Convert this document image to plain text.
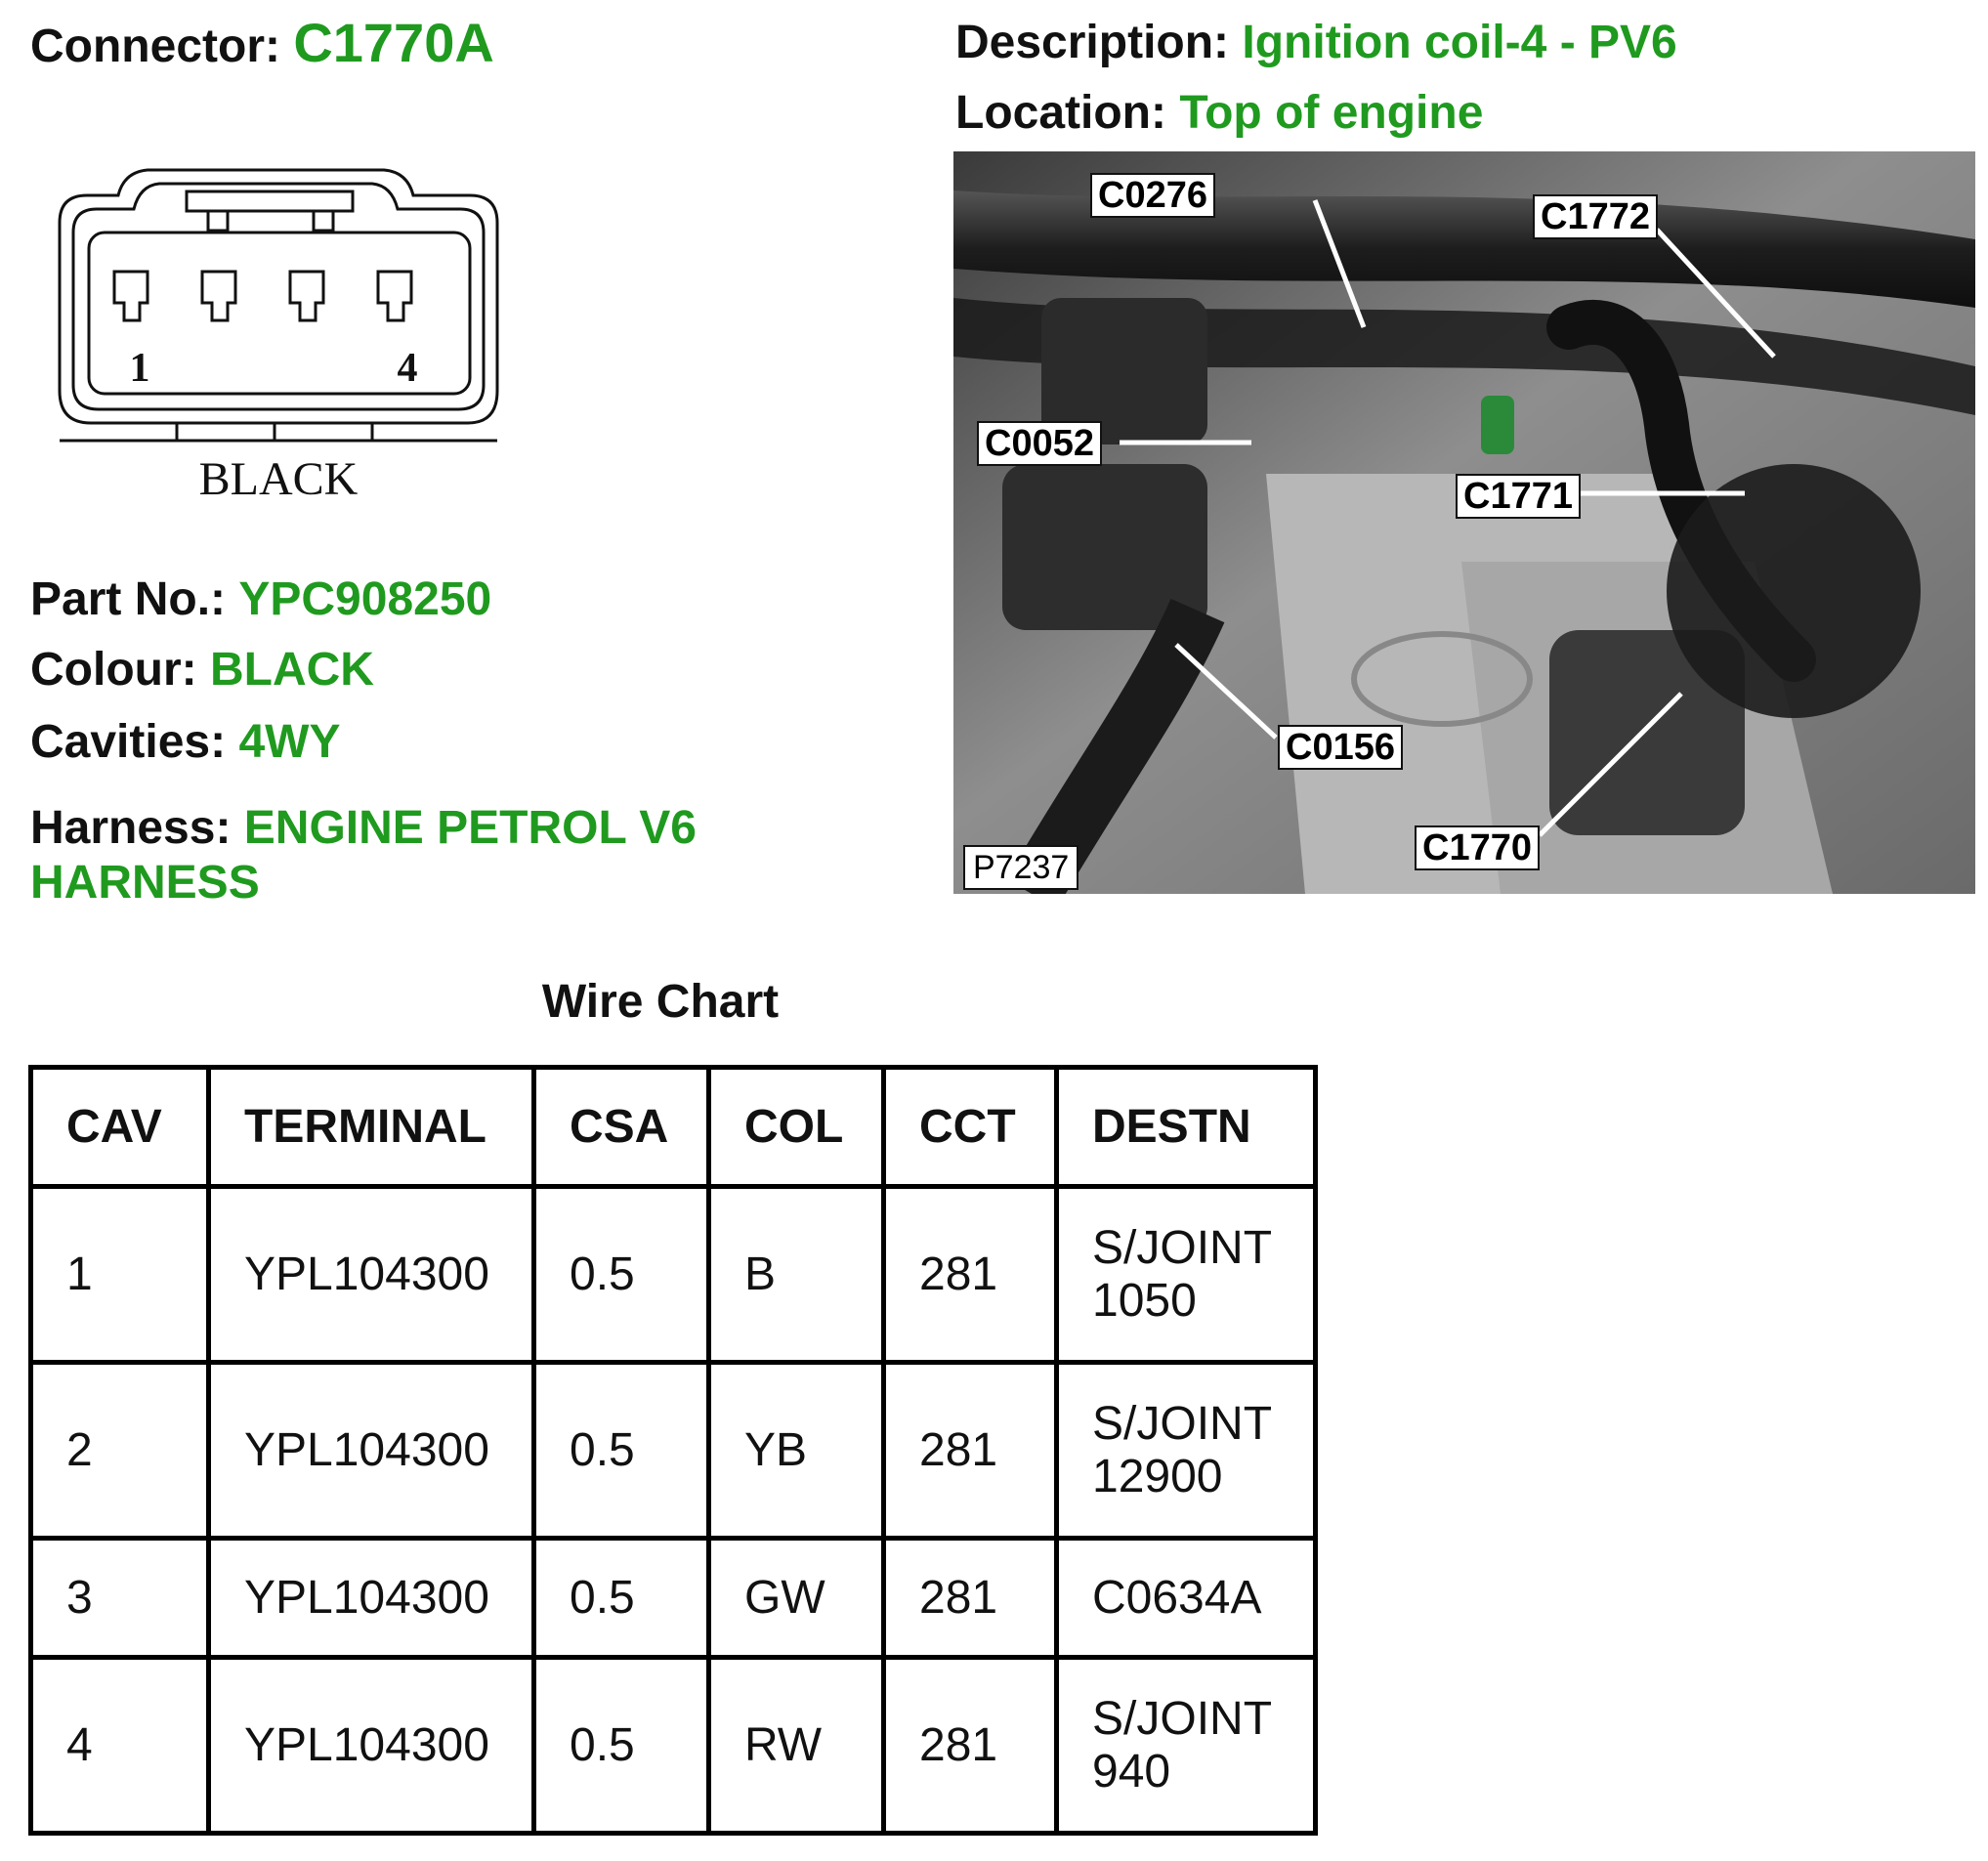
Connector: C1770A	Description: Ignition coil-4 - PV6
Location: Top of engine
1	4
BLACK
Part No.: YPC908250
Colour: BLACK
Cavities: 4WY
Harness: ENGINE PETROL V6 HARNESS
C0276
C1772
C0052
C1771
C0156
C1770
P7237
Wire Chart
CAV	TERMINAL	CSA	COL	CCT	DESTN
1	YPL104300	0.5	B	281	S/JOINT 1050
2	YPL104300	0.5	YB	281	S/JOINT 12900
3	YPL104300	0.5	GW	281	C0634A
4	YPL104300	0.5	RW	281	S/JOINT 940
